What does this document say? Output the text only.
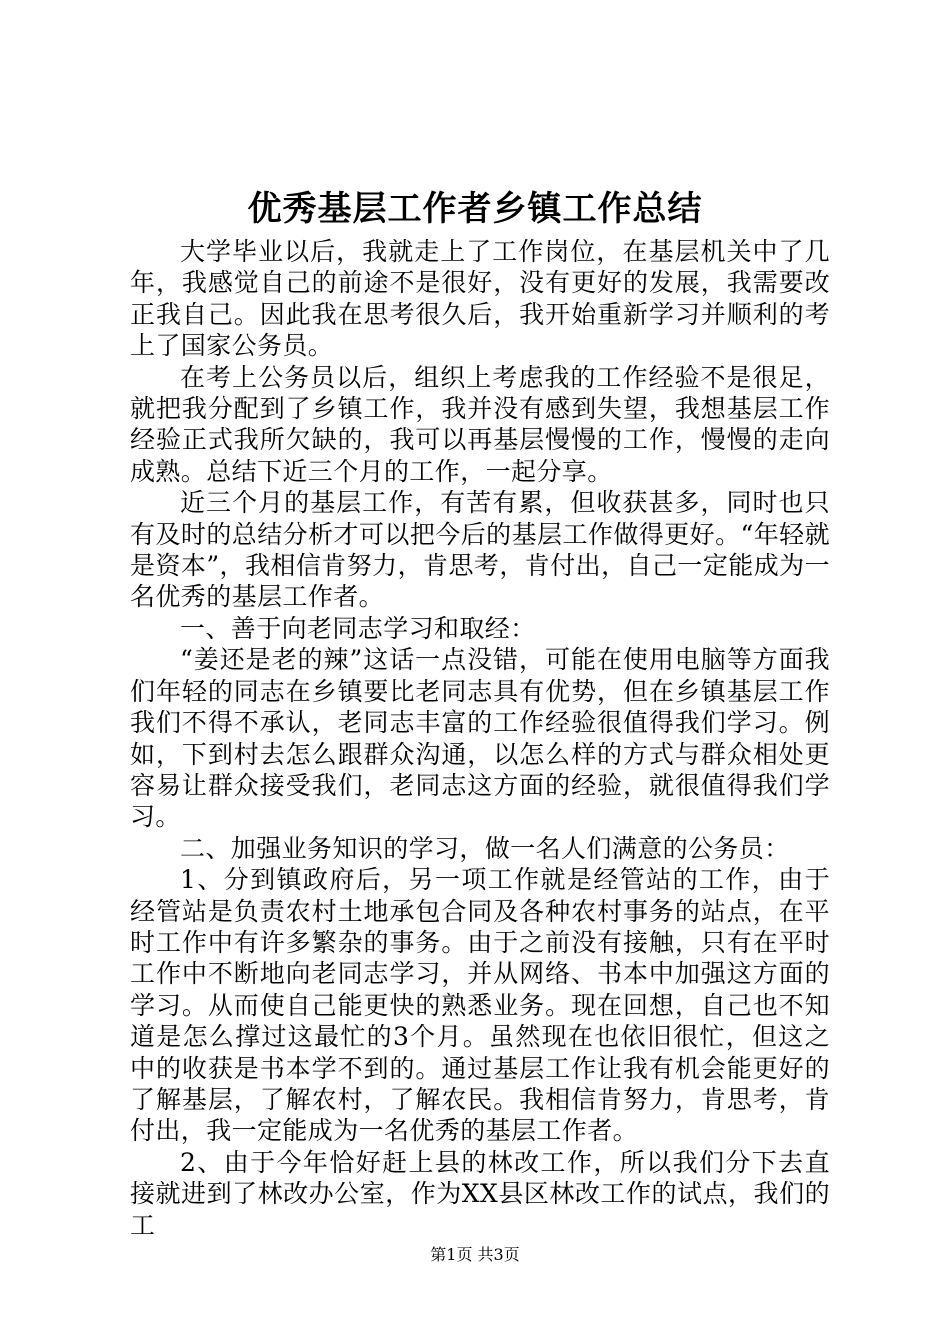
优秀基层工作者乡镇工作总结

大学毕业以后，我就走上了工作岗位，在基层机关中了几年，我感觉自己的前途不是很好，没有更好的发展，我需要改正我自己。因此我在思考很久后，我开始重新学习并顺利的考上了国家公务员。

在考上公务员以后，组织上考虑我的工作经验不是很足，就把我分配到了乡镇工作，我并没有感到失望，我想基层工作经验正式我所欠缺的，我可以再基层慢慢的工作，慢慢的走向成熟。总结下近三个月的工作，一起分享。

近三个月的基层工作，有苦有累，但收获甚多，同时也只有及时的总结分析才可以把今后的基层工作做得更好。“年轻就是资本”，我相信肯努力，肯思考，肯付出，自己一定能成为一名优秀的基层工作者。

一、善于向老同志学习和取经：

“姜还是老的辣”这话一点没错，可能在使用电脑等方面我们年轻的同志在乡镇要比老同志具有优势，但在乡镇基层工作我们不得不承认，老同志丰富的工作经验很值得我们学习。例如，下到村去怎么跟群众沟通，以怎么样的方式与群众相处更容易让群众接受我们，老同志这方面的经验，就很值得我们学习。

二、加强业务知识的学习，做一名人们满意的公务员：

1、分到镇政府后，另一项工作就是经管站的工作，由于经管站是负责农村土地承包合同及各种农村事务的站点，在平时工作中有许多繁杂的事务。由于之前没有接触，只有在平时工作中不断地向老同志学习，并从网络、书本中加强这方面的学习。从而使自己能更快的熟悉业务。现在回想，自己也不知道是怎么撑过这最忙的3个月。虽然现在也依旧很忙，但这之中的收获是书本学不到的。通过基层工作让我有机会能更好的了解基层，了解农村，了解农民。我相信肯努力，肯思考，肯付出，我一定能成为一名优秀的基层工作者。

2、由于今年恰好赶上县的林改工作，所以我们分下去直接就进到了林改办公室，作为XX县区林改工作的试点，我们的工

第1页 共3页
